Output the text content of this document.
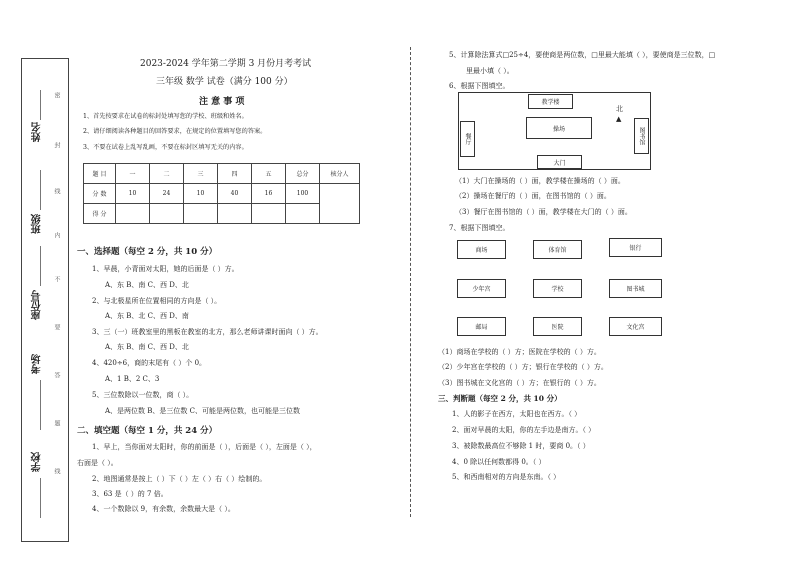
姓名
班级
座位号
考场
学校
密
封
线
内
不
要
答
题
线
2023-2024 学年第二学期 3 月份月考考试
三年级 数学 试卷（满分 100 分）
注 意 事 项
1、首先按要求在试卷的标封处填写您的学校、班级和姓名。
2、请仔细阅读各种题目的回答要求，在规定的位置填写您的答案。
3、不要在试卷上乱写乱画，不要在标封区填写无关的内容。
题 目	一	二	三	四	五	总分	核分人
分 数	10	24	10	40	16	100	
得 分							
一、选择题（每空 2 分，共 10 分）
1、早晨，小青面对太阳，她的后面是（ ）方。
A、东 B、南 C、西 D、北
2、与北极星所在位置相同的方向是（ ）。
A、东 B、北 C、西 D、南
3、三（一）班教室里的黑板在教室的北方，那么老师讲课时面向（ ）方。
A、东 B、南 C、西 D、北
4、420÷6，商的末尾有（ ）个 0。
A、1 B、2 C、3
5、三位数除以一位数，商（ ）。
A、是两位数 B、是三位数 C、可能是两位数，也可能是三位数
二、填空题（每空 1 分，共 24 分）
1、早上，当你面对太阳时，你的前面是（ ），后面是（ ），左面是（ ），
右面是（ ）。
2、地图通常是按上（ ）下（ ）左（ ）右（ ）绘制的。
3、63 是（ ）的 7 倍。
4、一个数除以 9，有余数，余数最大是（ ）。
5、计算除法算式□25÷4，要使商是两位数，□里最大能填（ ），要使商是三位数，□
里最小填（ ）。
6、根据下图填空。
教学楼
操场
餐厅	图书馆
大门
北
▲
（1）大门在操场的（ ）面，教学楼在操场的（ ）面。
（2）操场在餐厅的（ ）面，在图书馆的（ ）面。
（3）餐厅在图书馆的（ ）面，教学楼在大门的（ ）面。
7、根据下图填空。
商场	体育馆	银行
少年宫	学校	图书城
邮局	医院	文化宫
（1）商场在学校的（ ）方；医院在学校的（ ）方。
（2）少年宫在学校的（ ）方；银行在学校的（ ）方。
（3）图书城在文化宫的（ ）方；在银行的（ ）方。
三、判断题（每空 2 分，共 10 分）
1、人的影子在西方，太阳也在西方。（ ）
2、面对早晨的太阳，你的左手边是南方。（ ）
3、被除数最高位不够除 1 时，要商 0。（ ）
4、0 除以任何数都得 0。（ ）
5、和西南相对的方向是东南。（ ）
